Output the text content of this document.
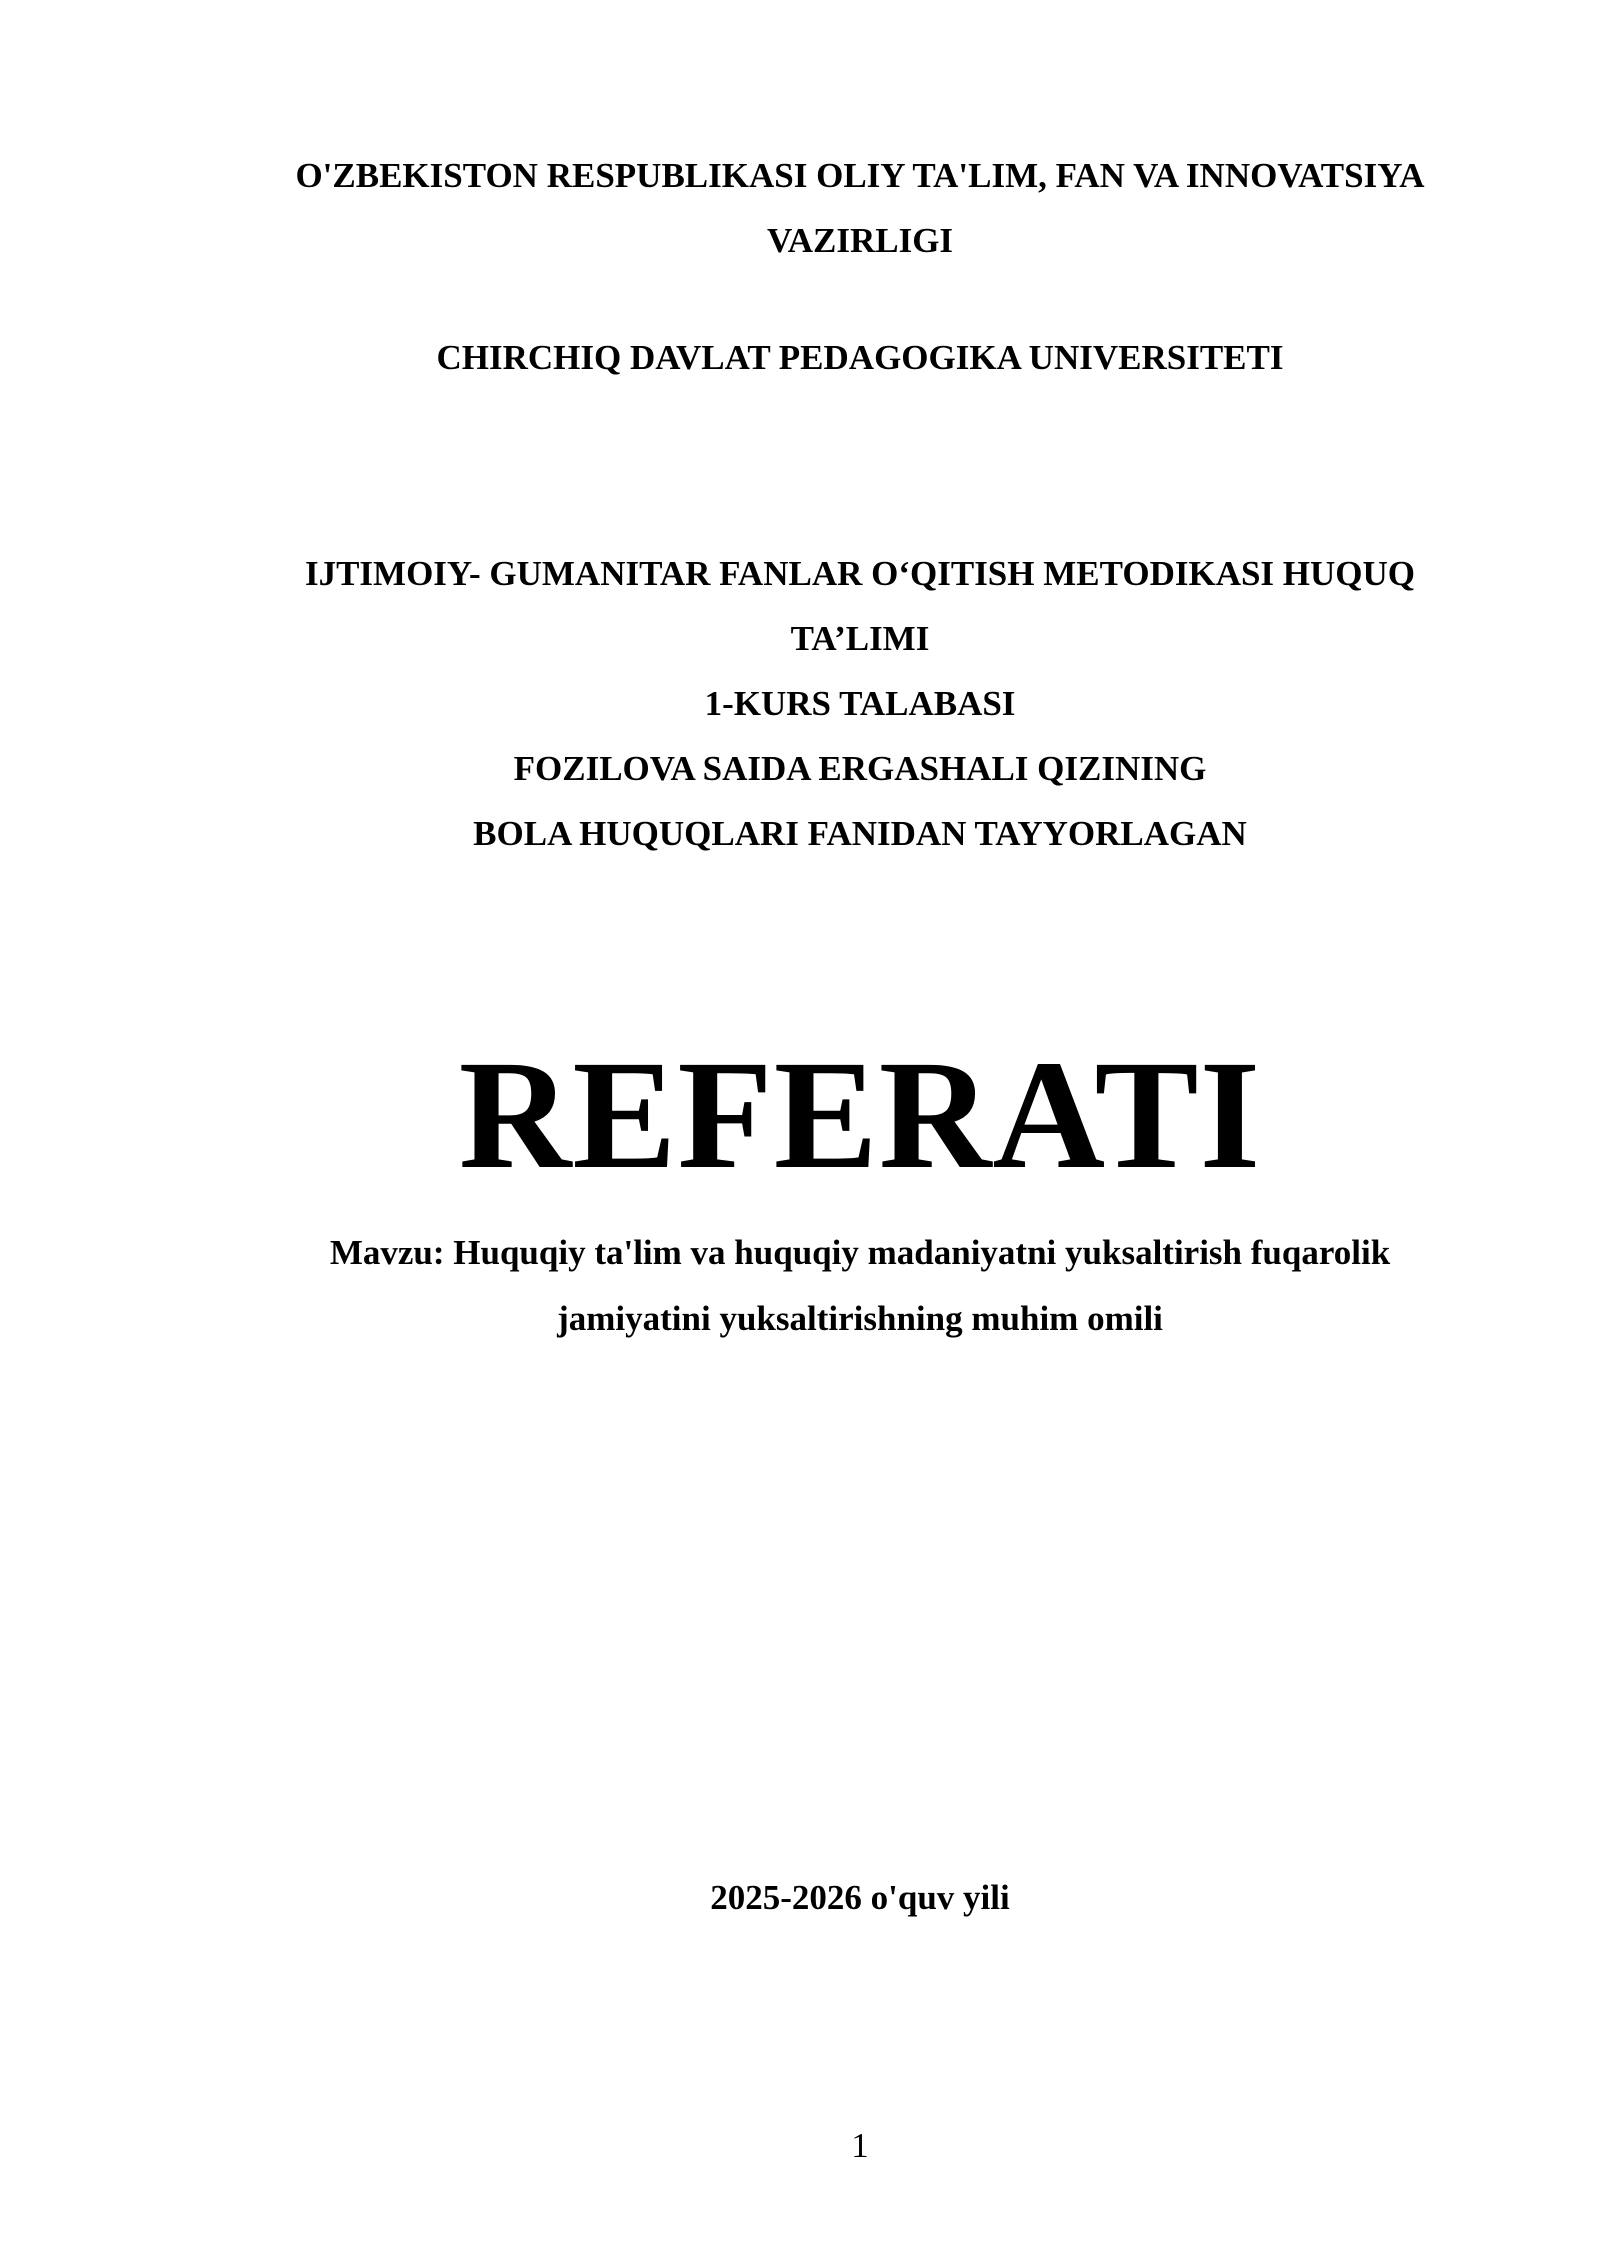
O'ZBEKISTON RESPUBLIKASI OLIY TA'LIM, FAN VA INNOVATSIYA
VAZIRLIGI
CHIRCHIQ DAVLAT PEDAGOGIKA UNIVERSITETI
IJTIMOIY- GUMANITAR FANLAR O‘QITISH METODIKASI HUQUQ
TA’LIMI
1-KURS TALABASI
FOZILOVA SAIDA ERGASHALI QIZINING
BOLA HUQUQLARI FANIDAN TAYYORLAGAN
REFERATI
Mavzu: Huquqiy ta'lim va huquqiy madaniyatni yuksaltirish fuqarolik
jamiyatini yuksaltirishning muhim omili
2025-2026 o'quv yili
1
